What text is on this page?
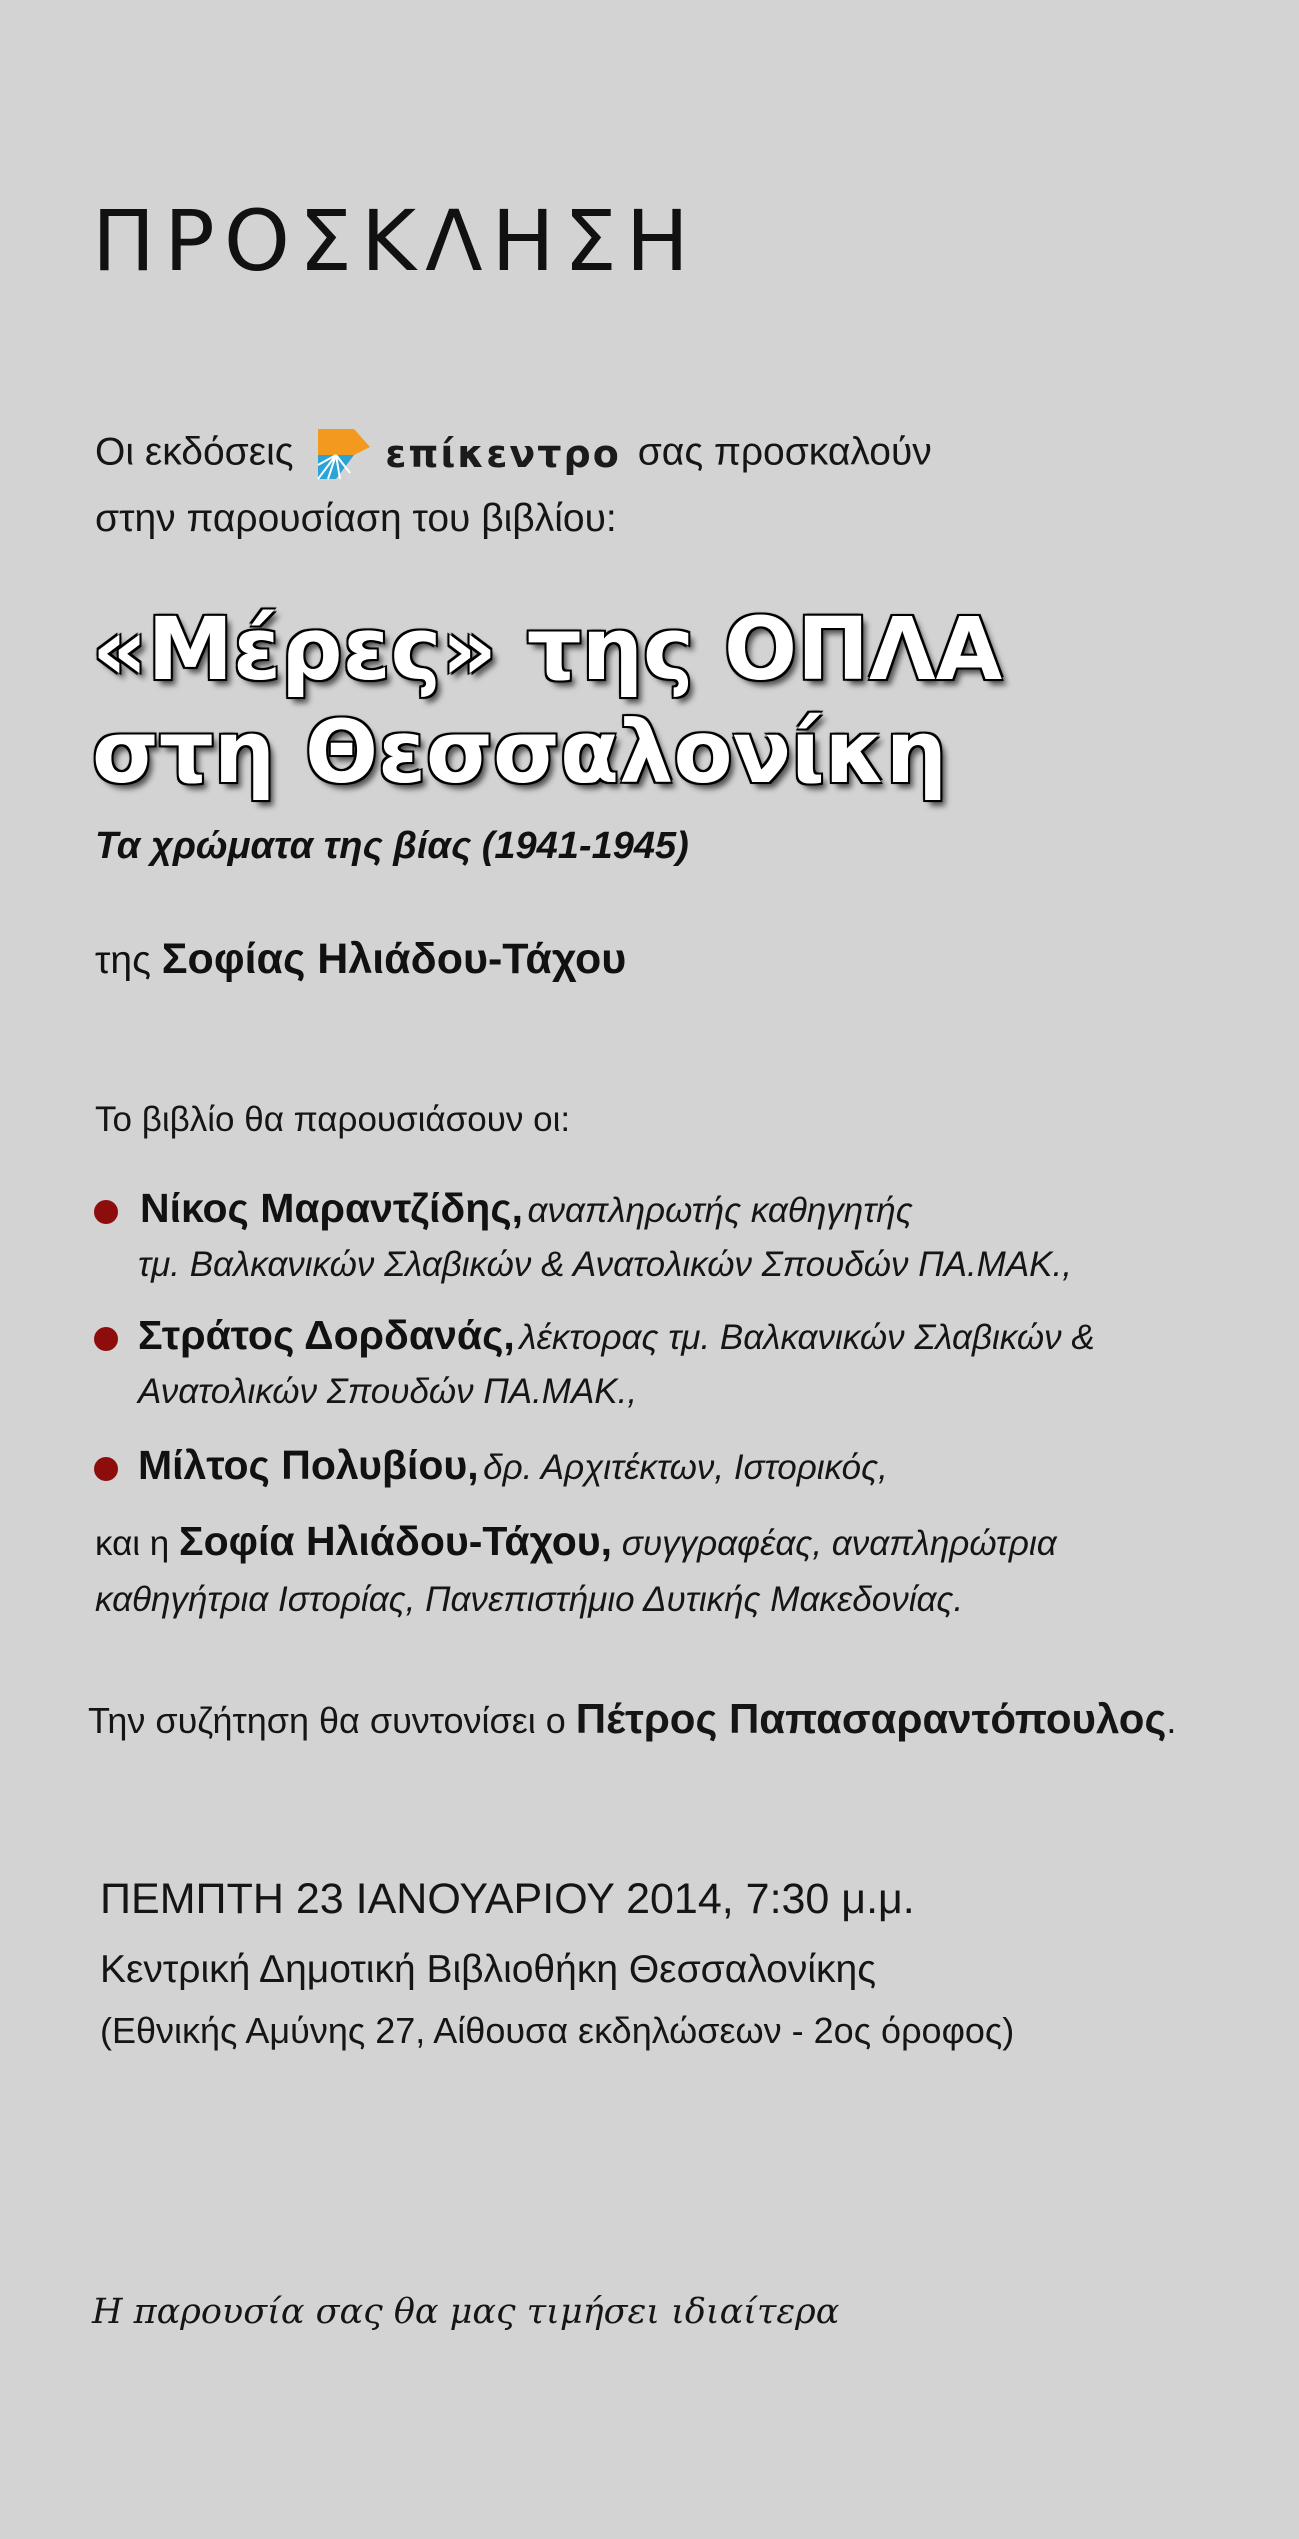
ΠΡΟΣΚΛΗΣΗ
Οι εκδόσεις επίκεντρο σας προσκαλούν
στην παρουσίαση του βιβλίου:
«Μέρες» της ΟΠΛΑ
στη Θεσσαλονίκη
Τα χρώματα της βίας (1941-1945)
της Σοφίας Ηλιάδου-Τάχου
Το βιβλίο θα παρουσιάσουν οι:
Νίκος Μαραντζίδης, αναπληρωτής καθηγητής
τμ. Βαλκανικών Σλαβικών & Ανατολικών Σπουδών ΠΑ.ΜΑΚ.,
Στράτος Δορδανάς, λέκτορας τμ. Βαλκανικών Σλαβικών &
Ανατολικών Σπουδών ΠΑ.ΜΑΚ.,
Μίλτος Πολυβίου, δρ. Αρχιτέκτων, Ιστορικός,
και η Σοφία Ηλιάδου-Τάχου, συγγραφέας, αναπληρώτρια
καθηγήτρια Ιστορίας, Πανεπιστήμιο Δυτικής Μακεδονίας.
Την συζήτηση θα συντονίσει ο Πέτρος Παπασαραντόπουλος.
ΠΕΜΠΤΗ 23 ΙΑΝΟΥΑΡΙΟΥ 2014, 7:30 μ.μ.
Κεντρική Δημοτική Βιβλιοθήκη Θεσσαλονίκης
(Εθνικής Αμύνης 27, Αίθουσα εκδηλώσεων - 2ος όροφος)
Η παρουσία σας θα μας τιμήσει ιδιαίτερα
